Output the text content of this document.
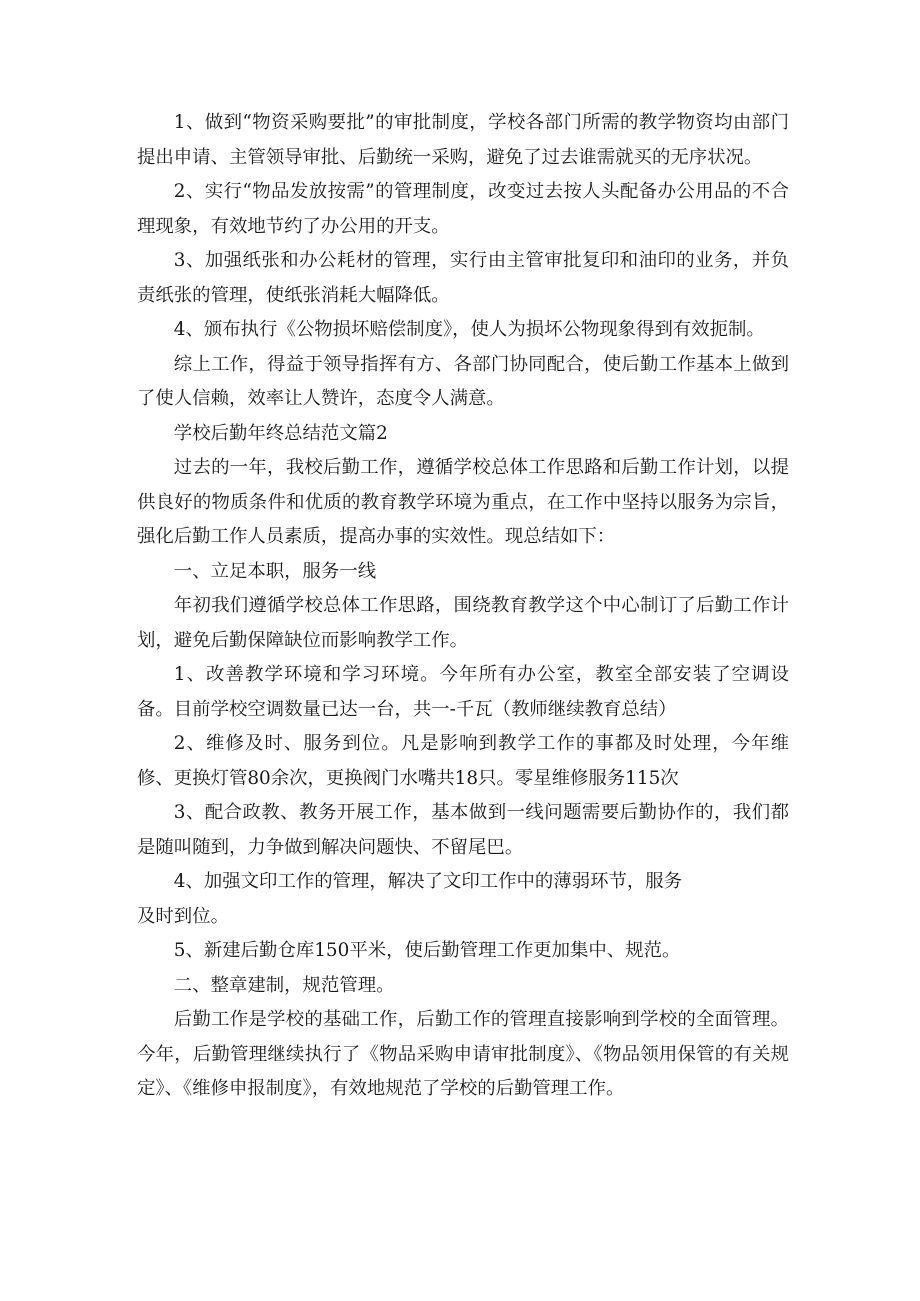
1、做到“物资采购要批”的审批制度，学校各部门所需的教学物资均由部门提出申请、主管领导审批、后勤统一采购，避免了过去谁需就买的无序状况。

2、实行“物品发放按需”的管理制度，改变过去按人头配备办公用品的不合理现象，有效地节约了办公用的开支。

3、加强纸张和办公耗材的管理，实行由主管审批复印和油印的业务，并负责纸张的管理，使纸张消耗大幅降低。

4、颁布执行《公物损坏赔偿制度》，使人为损坏公物现象得到有效扼制。

综上工作，得益于领导指挥有方、各部门协同配合，使后勤工作基本上做到了使人信赖，效率让人赞许，态度令人满意。

学校后勤年终总结范文篇2

过去的一年，我校后勤工作，遵循学校总体工作思路和后勤工作计划，以提供良好的物质条件和优质的教育教学环境为重点，在工作中坚持以服务为宗旨，强化后勤工作人员素质，提高办事的实效性。现总结如下：

一、立足本职，服务一线

年初我们遵循学校总体工作思路，围绕教育教学这个中心制订了后勤工作计划，避免后勤保障缺位而影响教学工作。

1、改善教学环境和学习环境。今年所有办公室，教室全部安装了空调设备。目前学校空调数量已达一台，共一-千瓦（教师继续教育总结）

2、维修及时、服务到位。凡是影响到教学工作的事都及时处理，今年维修、更换灯管80余次，更换阀门水嘴共18只。零星维修服务115次

3、配合政教、教务开展工作，基本做到一线问题需要后勤协作的，我们都是随叫随到，力争做到解决问题快、不留尾巴。

4、加强文印工作的管理，解决了文印工作中的薄弱环节，服务

及时到位。

5、新建后勤仓库150平米，使后勤管理工作更加集中、规范。

二、整章建制，规范管理。

后勤工作是学校的基础工作，后勤工作的管理直接影响到学校的全面管理。今年，后勤管理继续执行了《物品采购申请审批制度》、《物品领用保管的有关规定》、《维修申报制度》，有效地规范了学校的后勤管理工作。
